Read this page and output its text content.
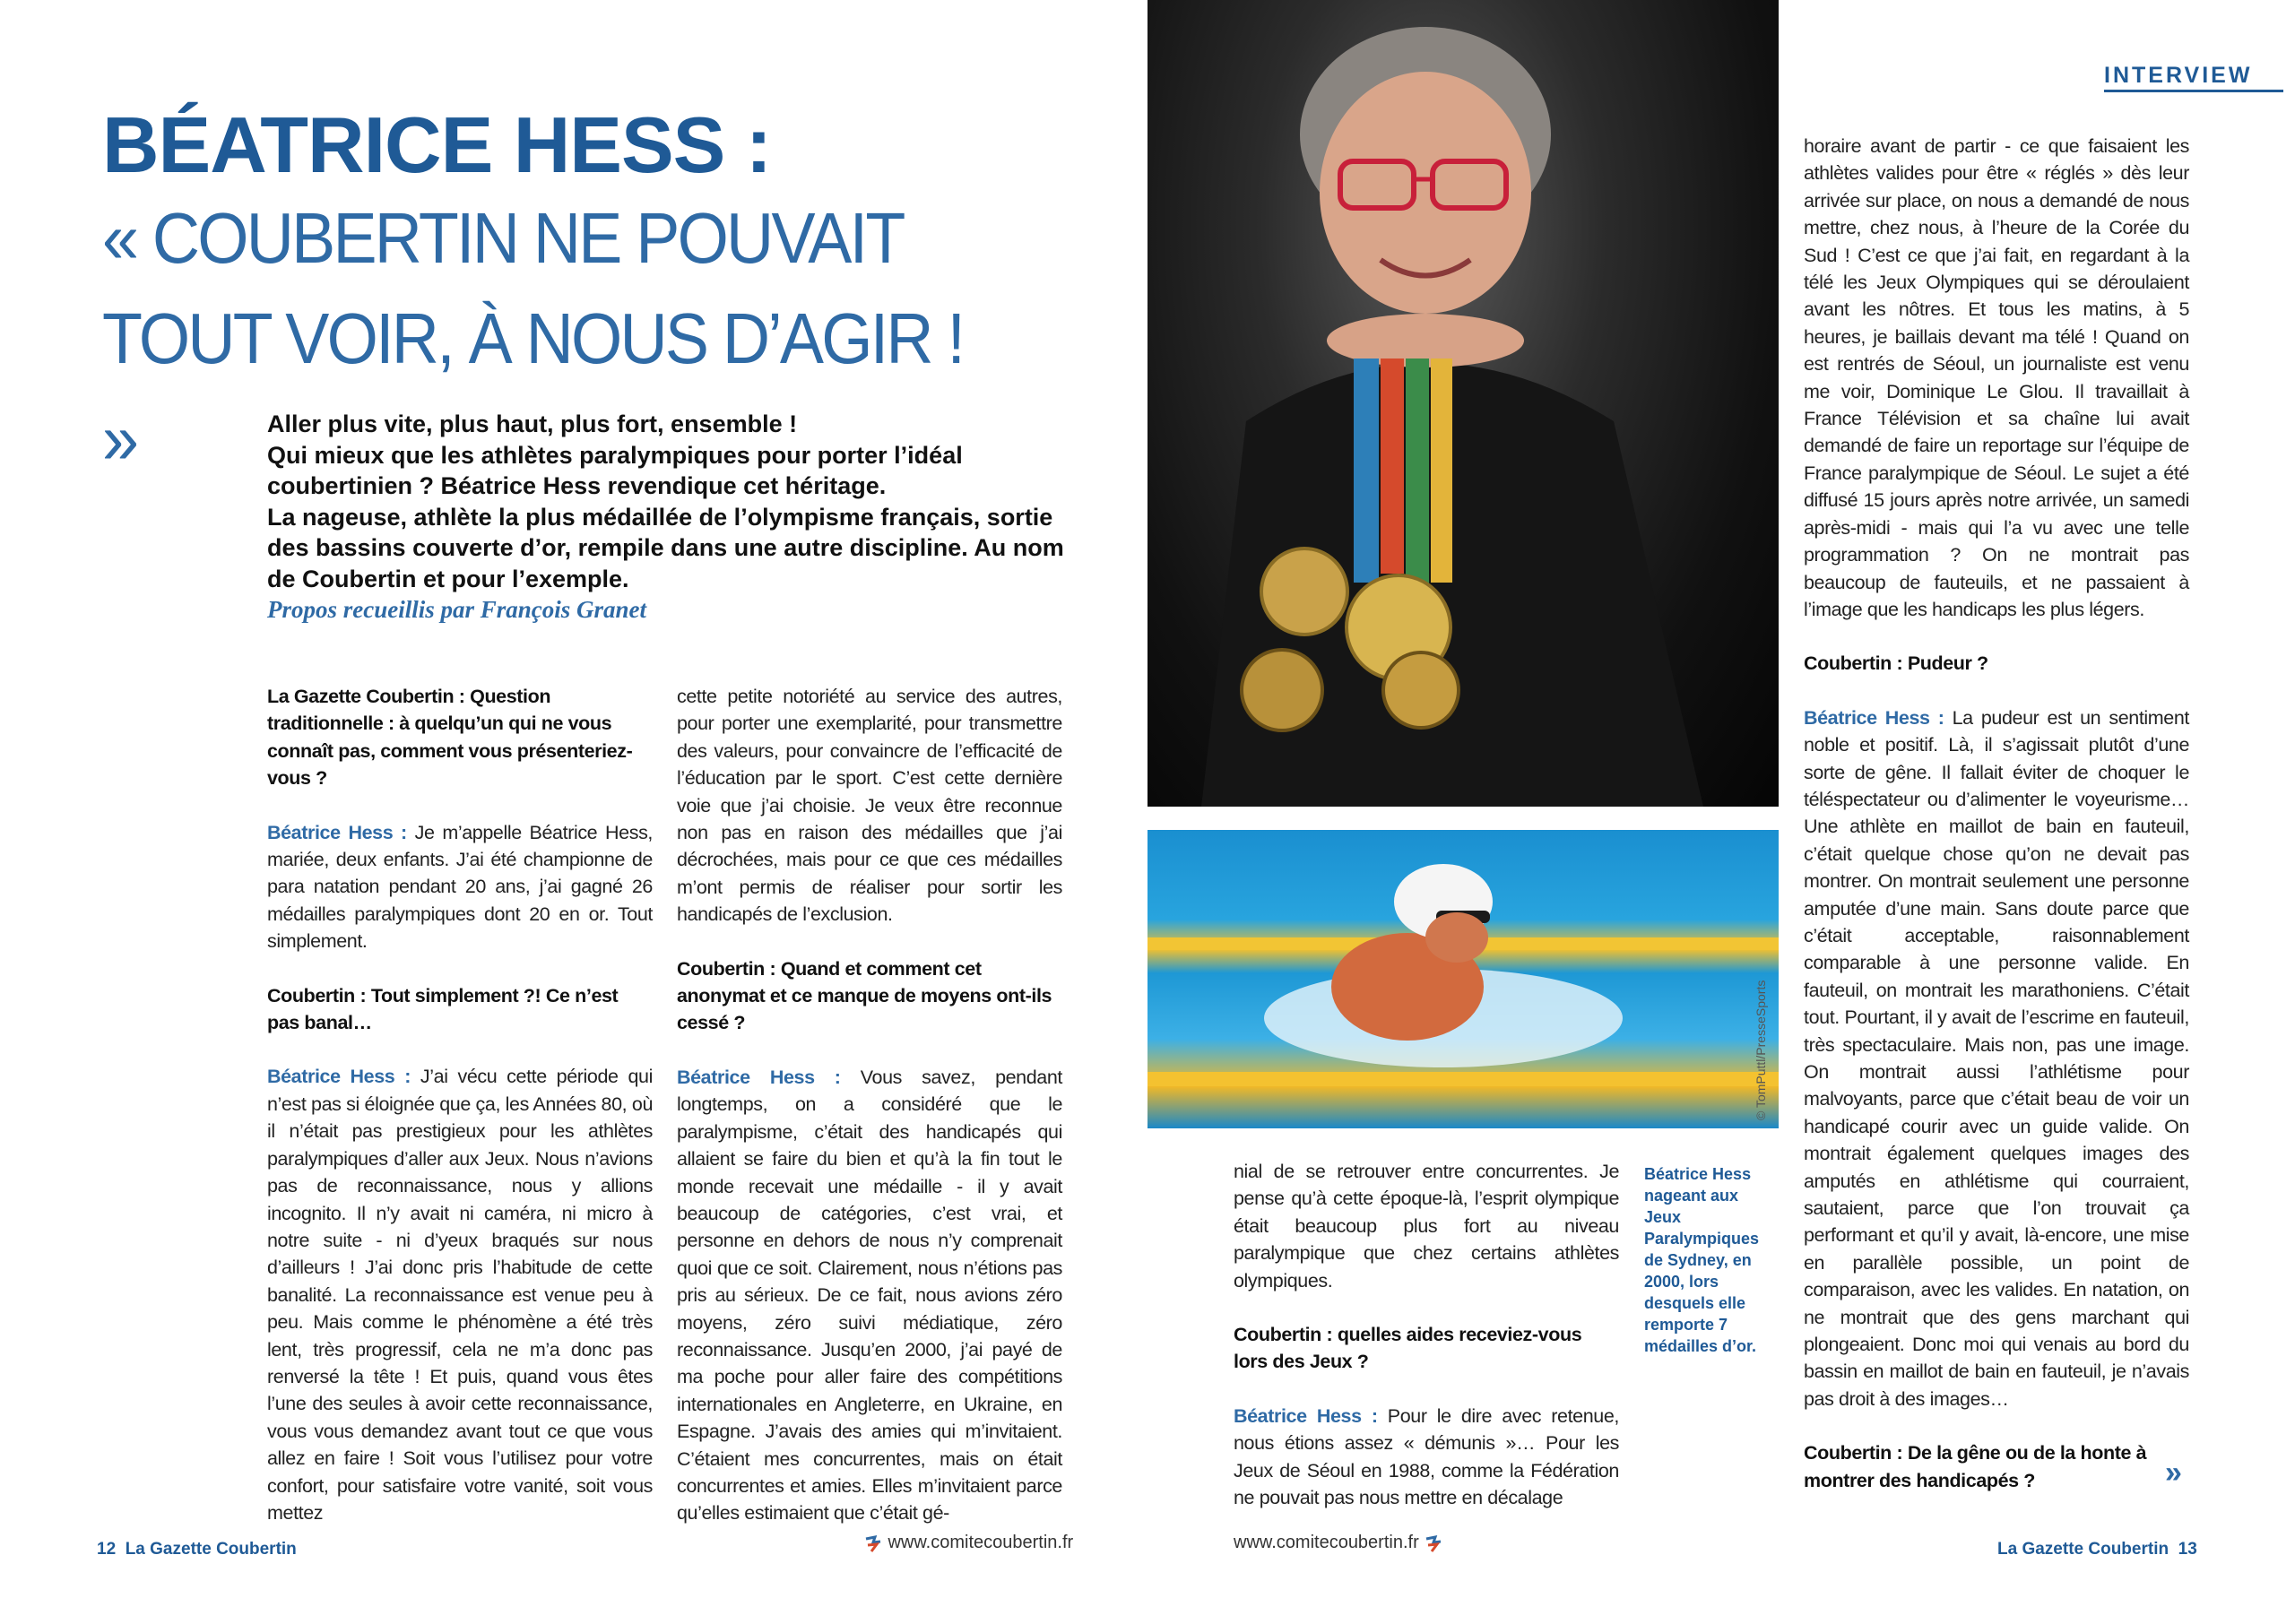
BÉATRICE HESS :
« COUBERTIN NE POUVAIT TOUT VOIR, À NOUS D’AGIR ! »	Aller plus vite, plus haut, plus fort, ensemble !

Qui mieux que les athlètes paralympiques pour porter l’idéal coubertinien ? Béatrice Hess revendique cet héritage.

La nageuse, athlète la plus médaillée de l’olympisme français, sortie des bassins couverte d’or, rempile dans une autre discipline. Au nom de Coubertin et pour l’exemple.

Propos recueillis par François Granet

La Gazette Coubertin : Question traditionnelle : à quelqu’un qui ne vous connaît pas, comment vous présenteriez-vous ?

Béatrice Hess : Je m’appelle Béatrice Hess, mariée, deux enfants. J’ai été championne de para natation pendant 20 ans, j’ai gagné 26 médailles paralympiques dont 20 en or. Tout simplement.

Coubertin : Tout simplement ?! Ce n’est pas banal…

Béatrice Hess : J’ai vécu cette période qui n’est pas si éloignée que ça, les Années 80, où il n’était pas prestigieux pour les athlètes paralympiques d’aller aux Jeux. Nous n’avions pas de reconnaissance, nous y allions incognito. Il n’y avait ni caméra, ni micro à notre suite - ni d’yeux braqués sur nous d’ailleurs ! J’ai donc pris l’habitude de cette banalité. La reconnaissance est venue peu à peu. Mais comme le phénomène a été très lent, très progressif, cela ne m’a donc pas renversé la tête ! Et puis, quand vous êtes l’une des seules à avoir cette reconnaissance, vous vous demandez avant tout ce que vous allez en faire ! Soit vous l’utilisez pour votre confort, pour satisfaire votre vanité, soit vous mettez

cette petite notoriété au service des autres, pour porter une exemplarité, pour transmettre des valeurs, pour convaincre de l’efficacité de l’éducation par le sport. C’est cette dernière voie que j’ai choisie. Je veux être reconnue non pas en raison des médailles que j’ai décrochées, mais pour ce que ces médailles m’ont permis de réaliser pour sortir les handicapés de l’exclusion.

Coubertin : Quand et comment cet anonymat et ce manque de moyens ont-ils cessé ?

Béatrice Hess : Vous savez, pendant longtemps, on a considéré que le paralympisme, c’était des handicapés qui allaient se faire du bien et qu’à la fin tout le monde recevait une médaille - il y avait beaucoup de catégories, c’est vrai, et personne en dehors de nous n’y comprenait quoi que ce soit. Clairement, nous n’étions pas pris au sérieux. De ce fait, nous avions zéro moyens, zéro suivi médiatique, zéro reconnaissance. Jusqu’en 2000, j’ai payé de ma poche pour aller faire des compétitions internationales en Angleterre, en Ukraine, en Espagne. J’avais des amies qui m’invitaient. C’étaient mes concurrentes, mais on était concurrentes et amies. Elles m’invitaient parce qu’elles estimaient que c’était gé-

nial de se retrouver entre concurrentes. Je pense qu’à cette époque-là, l’esprit olympique était beaucoup plus fort au niveau paralympique que chez certains athlètes olympiques.

Coubertin : quelles aides receviez-vous lors des Jeux ?

Béatrice Hess : Pour le dire avec retenue, nous étions assez « démunis »… Pour les Jeux de Séoul en 1988, comme la Fédération ne pouvait pas nous mettre en décalage

horaire avant de partir - ce que faisaient les athlètes valides pour être « réglés » dès leur arrivée sur place, on nous a demandé de nous mettre, chez nous, à l’heure de la Corée du Sud ! C’est ce que j’ai fait, en regardant à la télé les Jeux Olympiques qui se déroulaient avant les nôtres. Et tous les matins, à 5 heures, je baillais devant ma télé ! Quand on est rentrés de Séoul, un journaliste est venu me voir, Dominique Le Glou. Il travaillait à France Télévision et sa chaîne lui avait demandé de faire un reportage sur l’équipe de France paralympique de Séoul. Le sujet a été diffusé 15 jours après notre arrivée, un samedi après-midi - mais qui l’a vu avec une telle programmation ? On ne montrait pas beaucoup de fauteuils, et ne passaient à l’image que les handicaps les plus légers.

Coubertin : Pudeur ?

Béatrice Hess : La pudeur est un sentiment noble et positif. Là, il s’agissait plutôt d’une sorte de gêne. Il fallait éviter de choquer le téléspectateur ou d’alimenter le voyeurisme… Une athlète en maillot de bain en fauteuil, c’était quelque chose qu’on ne devait pas montrer. On montrait seulement une personne amputée d’une main. Sans doute parce que c’était acceptable, raisonnablement comparable à une personne valide. En fauteuil, on montrait les marathoniens. C’était tout. Pourtant, il y avait de l’escrime en fauteuil, très spectaculaire. Mais non, pas une image. On montrait aussi l’athlétisme pour malvoyants, parce que c’était beau de voir un handicapé courir avec un guide valide. On montrait également quelques images des amputés en athlétisme qui courraient, sautaient, parce que l’on trouvait ça performant et qu’il y avait, là-encore, une mise en parallèle possible, un point de comparaison, avec les valides. En natation, on ne montrait que des gens marchant qui plongeaient. Donc moi qui venais au bord du bassin en maillot de bain en fauteuil, je n’avais pas droit à des images…

Coubertin : De la gêne ou de la honte à montrer des handicapés ?

© TomPuttl/PresseSports
Béatrice Hess nageant aux Jeux Paralympiques de Sydney, en 2000, lors desquels elle remporte 7 médailles d’or.
INTERVIEW
»
12 La Gazette Coubertin	www.comitecoubertin.fr	www.comitecoubertin.fr	La Gazette Coubertin 13
